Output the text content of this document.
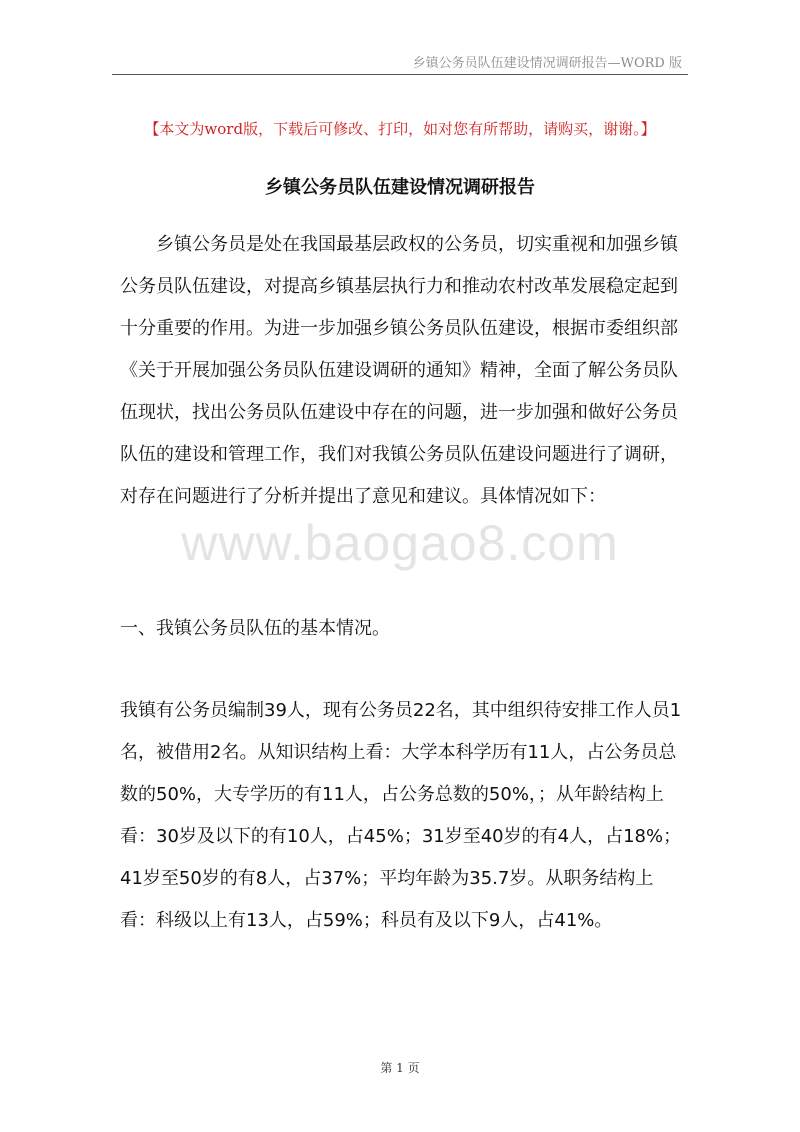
乡镇公务员队伍建设情况调研报告—WORD 版
【本文为word版，下载后可修改、打印，如对您有所帮助，请购买，谢谢。】
乡镇公务员队伍建设情况调研报告

乡镇公务员是处在我国最基层政权的公务员，切实重视和加强乡镇公务员队伍建设，对提高乡镇基层执行力和推动农村改革发展稳定起到十分重要的作用。为进一步加强乡镇公务员队伍建设，根据市委组织部《关于开展加强公务员队伍建设调研的通知》精神，全面了解公务员队伍现状，找出公务员队伍建设中存在的问题，进一步加强和做好公务员队伍的建设和管理工作，我们对我镇公务员队伍建设问题进行了调研，对存在问题进行了分析并提出了意见和建议。具体情况如下：

www.baogao8.com

一、我镇公务员队伍的基本情况。

我镇有公务员编制39人，现有公务员22名，其中组织待安排工作人员1名，被借用2名。从知识结构上看：大学本科学历有11人，占公务员总数的50%，大专学历的有11人，占公务总数的50%，；从年龄结构上看：30岁及以下的有10人，占45%；31岁至40岁的有4人，占18%；41岁至50岁的有8人，占37%；平均年龄为35.7岁。从职务结构上看：科级以上有13人，占59%；科员有及以下9人，占41%。

第 1 页
